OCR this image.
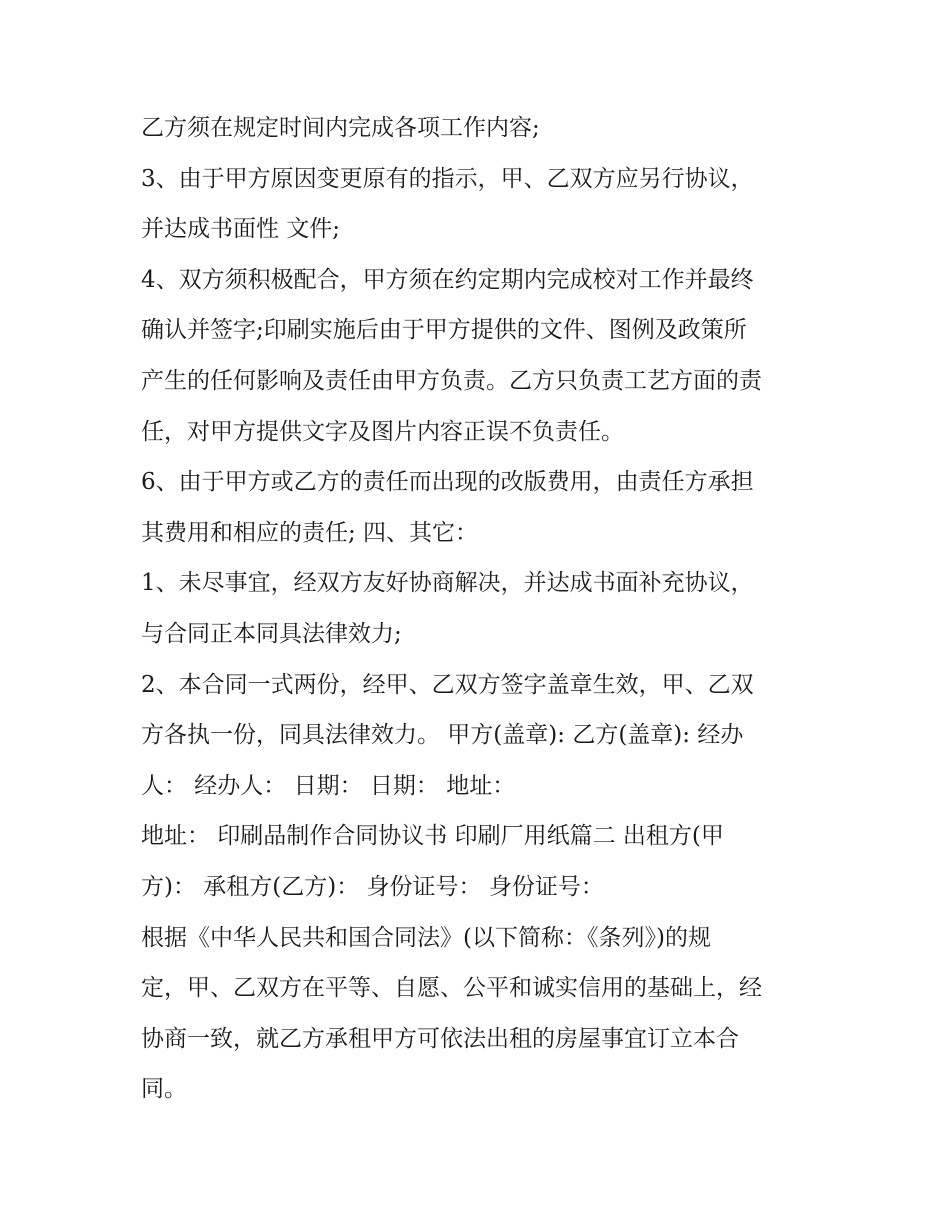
乙方须在规定时间内完成各项工作内容;
3、由于甲方原因变更原有的指示，甲、乙双方应另行协议，
并达成书面性 文件;
4、双方须积极配合，甲方须在约定期内完成校对工作并最终
确认并签字;印刷实施后由于甲方提供的文件、图例及政策所
产生的任何影响及责任由甲方负责。乙方只负责工艺方面的责
任，对甲方提供文字及图片内容正误不负责任。
6、由于甲方或乙方的责任而出现的改版费用，由责任方承担
其费用和相应的责任; 四、其它：
1、未尽事宜，经双方友好协商解决，并达成书面补充协议，
与合同正本同具法律效力;
2、本合同一式两份，经甲、乙双方签字盖章生效，甲、乙双
方各执一份，同具法律效力。 甲方(盖章): 乙方(盖章): 经办
人： 经办人： 日期： 日期： 地址：
地址： 印刷品制作合同协议书 印刷厂用纸篇二 出租方(甲
方)： 承租方(乙方)： 身份证号： 身份证号：
根据《中华人民共和国合同法》(以下简称：《条列》)的规
定，甲、乙双方在平等、自愿、公平和诚实信用的基础上，经
协商一致，就乙方承租甲方可依法出租的房屋事宜订立本合
同。
